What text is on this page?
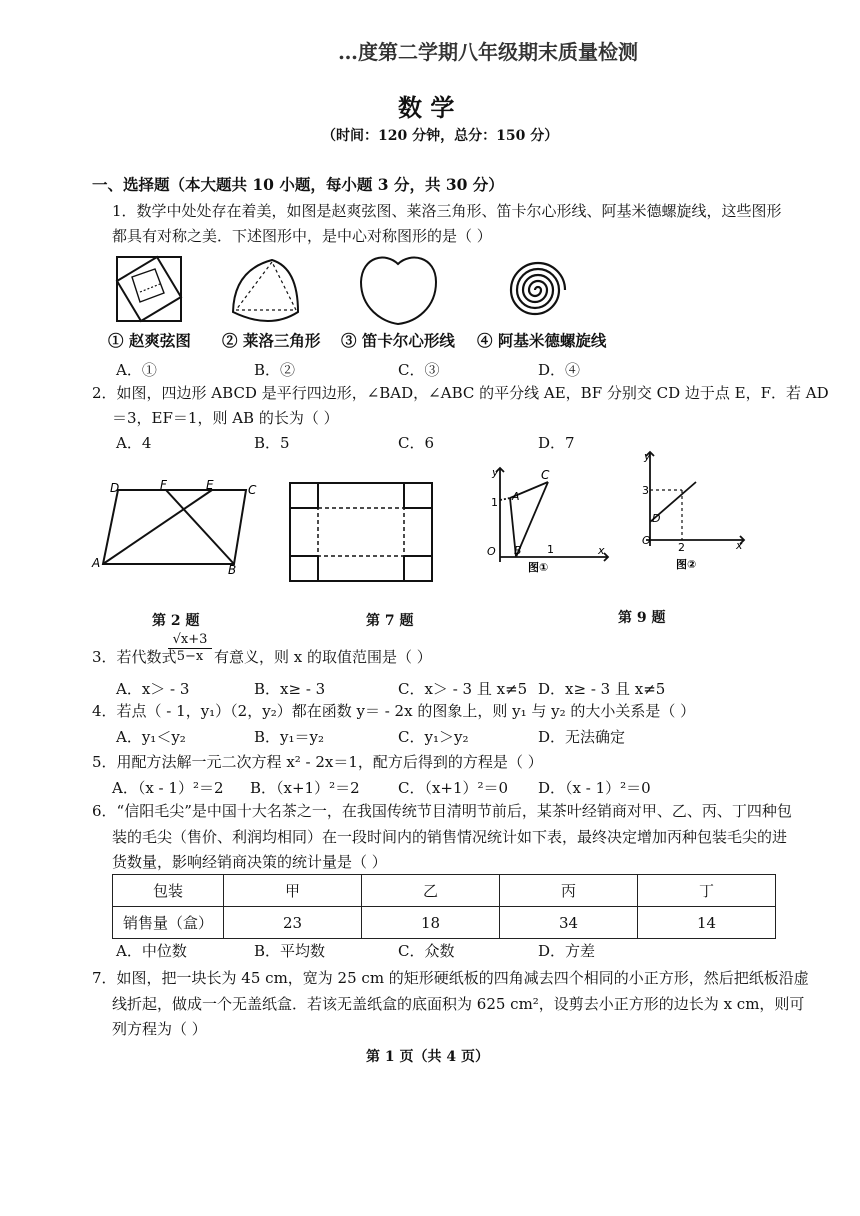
…度第二学期八年级期末质量检测
数 学
（时间：120 分钟，总分：150 分）
一、选择题（本大题共 10 小题，每小题 3 分，共 30 分）
1．数学中处处存在着美，如图是赵爽弦图、莱洛三角形、笛卡尔心形线、阿基米德螺旋线，这些图形
都具有对称之美．下述图形中，是中心对称图形的是（ ）
① 赵爽弦图 ② 莱洛三角形 ③ 笛卡尔心形线 ④ 阿基米德螺旋线
A．①	B．②	C．③	D．④
2．如图，四边形 ABCD 是平行四边形，∠BAD，∠ABC 的平分线 AE，BF 分别交 CD 边于点 E，F．若 AD
＝3，EF＝1，则 AB 的长为（ ）
A．4	B．5	C．6	D．7
D	F	E	C
A	B
y	C
A
1
O B 1	x
图①
y
3
D
O
2	x
图②
第 2 题	第 7 题	第 9 题
3．若代数式
$\frac{√x+3}{5-x}$ 有意义，则 x 的取值范围是（ ）
A．x＞ - 3	B．x≥ - 3	C．x＞ - 3 且 x≠5 D．x≥ - 3 且 x≠5
4．若点（ - 1，y₁）（2，y₂）都在函数 y＝ - 2x 的图象上，则 y₁ 与 y₂ 的大小关系是（ ）
A．y₁＜y₂	B．y₁＝y₂	C．y₁＞y₂	D．无法确定
5．用配方法解一元二次方程 x² - 2x＝1，配方后得到的方程是（ ）
A．（x - 1）²＝2 B．（x+1）²＝2	C．（x+1）²＝0 D．（x - 1）²＝0
6．“信阳毛尖”是中国十大名茶之一，在我国传统节目清明节前后，某茶叶经销商对甲、乙、丙、丁四种包
装的毛尖（售价、利润均相同）在一段时间内的销售情况统计如下表，最终决定增加丙种包装毛尖的进
货数量，影响经销商决策的统计量是（ ）
包装	甲	乙	丙	丁
销售量（盒）	23	18	34	14
A．中位数	B．平均数	C．众数	D．方差
7．如图，把一块长为 45 cm，宽为 25 cm 的矩形硬纸板的四角减去四个相同的小正方形，然后把纸板沿虚
线折起，做成一个无盖纸盒．若该无盖纸盒的底面积为 625 cm²，设剪去小正方形的边长为 x cm，则可
列方程为（ ）
第 1 页（共 4 页）
